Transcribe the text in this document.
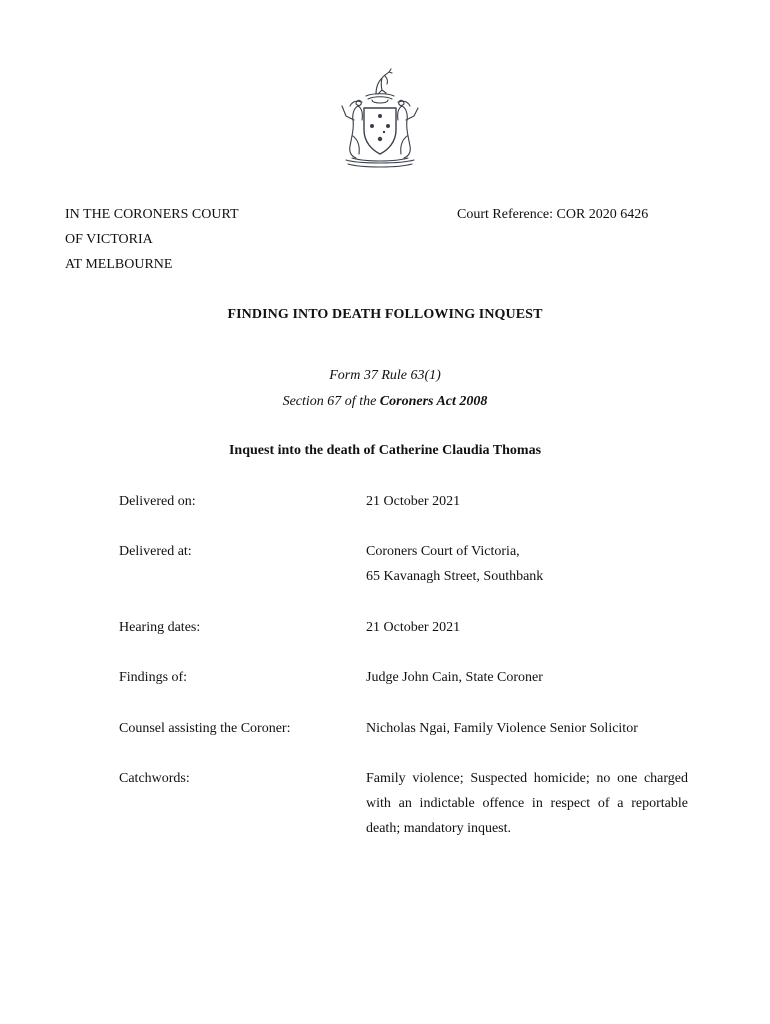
IN THE CORONERS COURT
OF VICTORIA
AT MELBOURNE
Court Reference: COR 2020 6426
FINDING INTO DEATH FOLLOWING INQUEST
Form 37 Rule 63(1)
Section 67 of the Coroners Act 2008
Inquest into the death of Catherine Claudia Thomas
Delivered on:	21 October 2021
Delivered at:	Coroners Court of Victoria,
65 Kavanagh Street, Southbank
Hearing dates:	21 October 2021
Findings of:	Judge John Cain, State Coroner
Counsel assisting the Coroner:	Nicholas Ngai, Family Violence Senior Solicitor
Catchwords:	Family violence; Suspected homicide; no one charged with an indictable offence in respect of a reportable death; mandatory inquest.
